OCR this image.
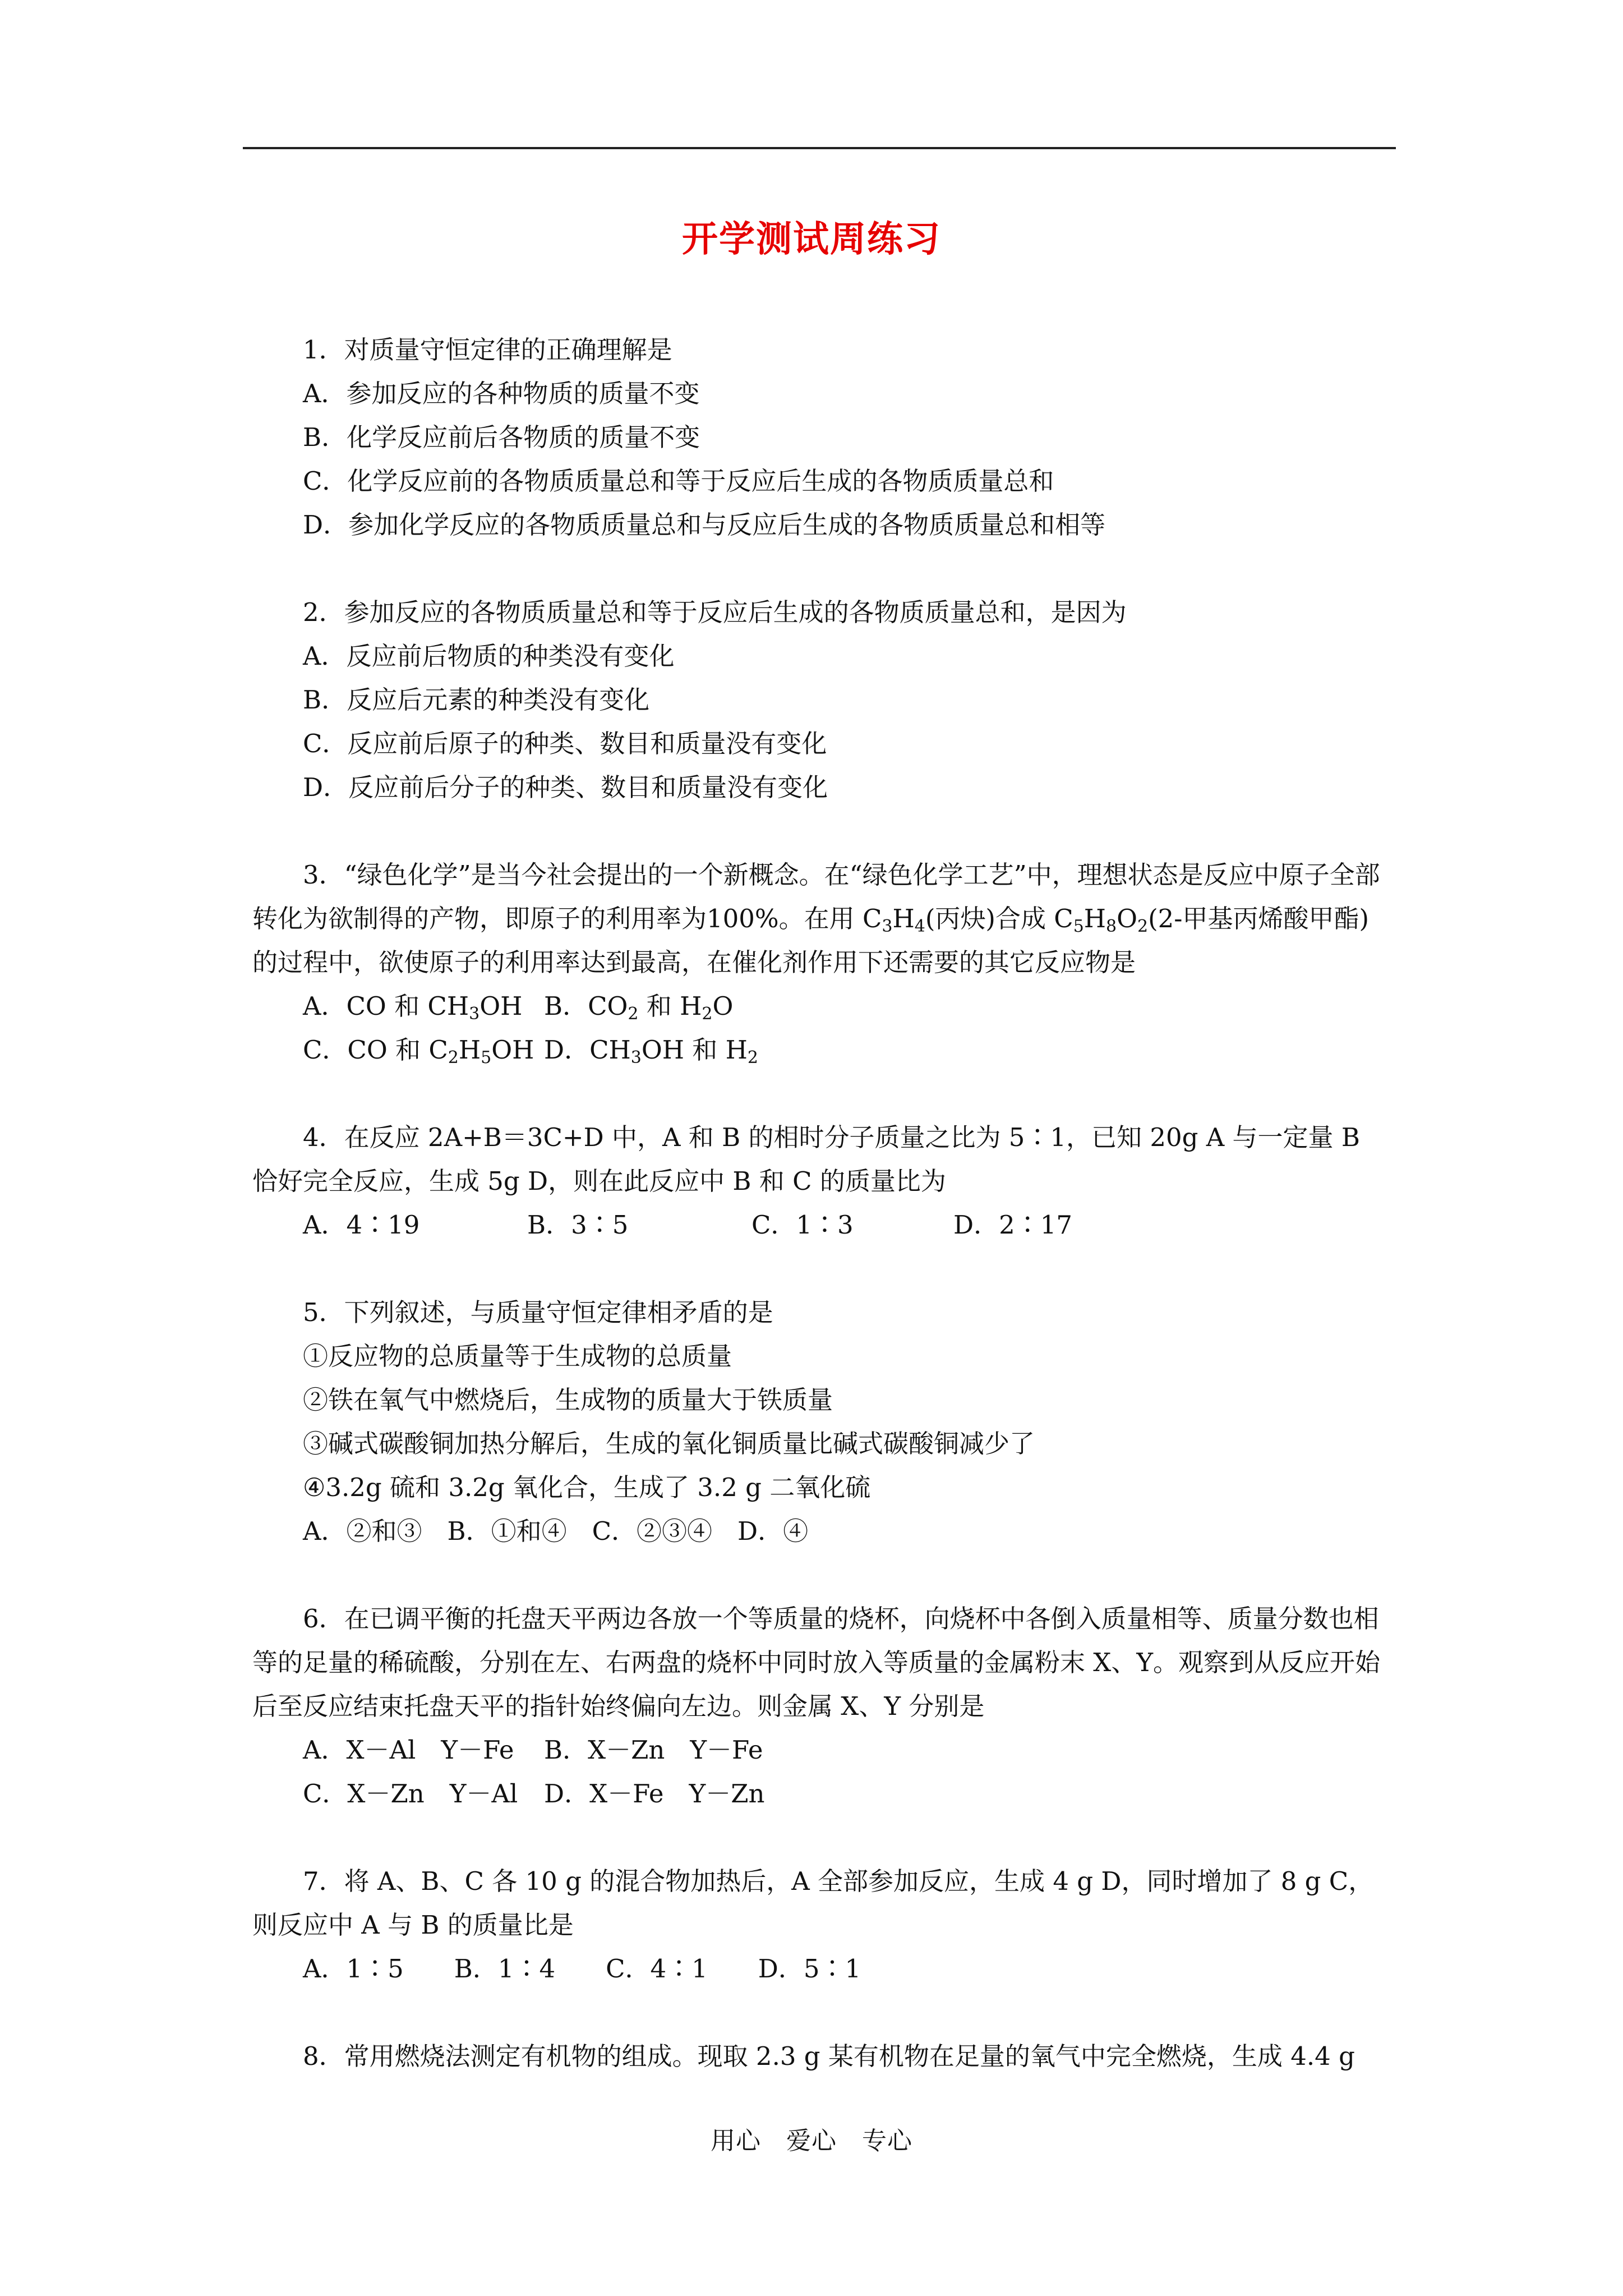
开学测试周练习

1．对质量守恒定律的正确理解是

A．参加反应的各种物质的质量不变

B．化学反应前后各物质的质量不变

C．化学反应前的各物质质量总和等于反应后生成的各物质质量总和

D．参加化学反应的各物质质量总和与反应后生成的各物质质量总和相等

2．参加反应的各物质质量总和等于反应后生成的各物质质量总和，是因为

A．反应前后物质的种类没有变化

B．反应后元素的种类没有变化

C．反应前后原子的种类、数目和质量没有变化

D．反应前后分子的种类、数目和质量没有变化

3．“绿色化学”是当今社会提出的一个新概念。在“绿色化学工艺”中，理想状态是反应中原子全部转化为欲制得的产物，即原子的利用率为100%。在用 $C_3H_4$(丙炔)合成 $C_5H_8O_2(2-$甲基丙烯酸甲酯)的过程中，欲使原子的利用率达到最高，在催化剂作用下还需要的其它反应物是

A．CO 和 $CH_3OH$ B．$CO_2$ 和 $H_2O$

C．CO 和 $C_2H_5OH$ D．$CH_3OH$ 和 $H_2$

4．在反应 2A+B＝3C+D 中，A 和 B 的相时分子质量之比为 5∶1，已知 20g A 与一定量 B 恰好完全反应，生成 5g D，则在此反应中 B 和 C 的质量比为

A．4∶19	B．3∶5	C．1∶3	D．2∶17

5．下列叙述，与质量守恒定律相矛盾的是

①反应物的总质量等于生成物的总质量

②铁在氧气中燃烧后，生成物的质量大于铁质量

③碱式碳酸铜加热分解后，生成的氧化铜质量比碱式碳酸铜减少了

④3.2g 硫和 3.2g 氧化合，生成了 3.2 g 二氧化硫

A．②和③　B．①和④　C．②③④　D．④

6．在已调平衡的托盘天平两边各放一个等质量的烧杯，向烧杯中各倒入质量相等、质量分数也相等的足量的稀硫酸，分别在左、右两盘的烧杯中同时放入等质量的金属粉末 X、Y。观察到从反应开始后至反应结束托盘天平的指针始终偏向左边。则金属 X、Y 分别是

A．X－Al　Y－Fe B．X－Zn　Y－Fe

C．X－Zn　Y－Al D．X－Fe　Y－Zn

7．将 A、B、C 各 10 g 的混合物加热后，A 全部参加反应，生成 4 g D，同时增加了 8 g C，则反应中 A 与 B 的质量比是

A．1∶5　　B．1∶4　　C．4∶1　　D．5∶1

8．常用燃烧法测定有机物的组成。现取 2.3 g 某有机物在足量的氧气中完全燃烧，生成 4.4 g

用心　爱心　专心
